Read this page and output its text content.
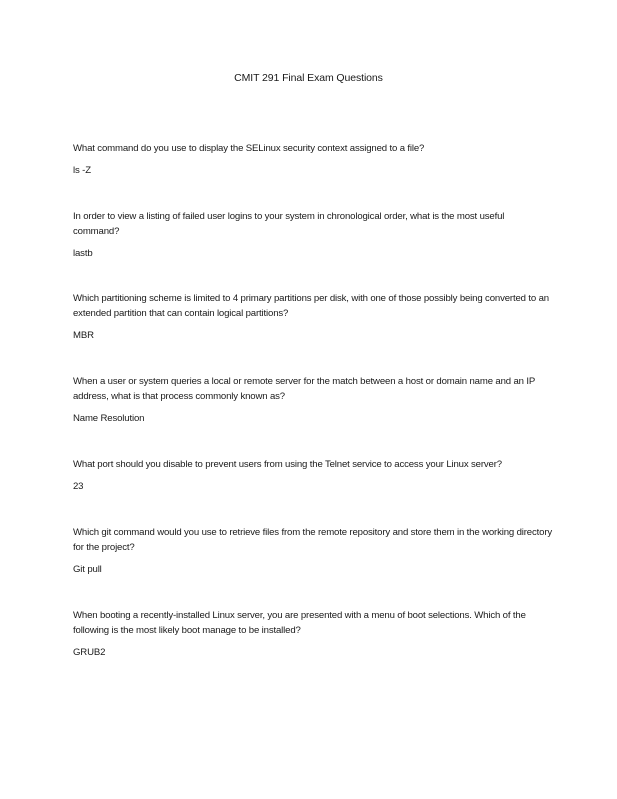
CMIT 291 Final Exam Questions

What command do you use to display the SELinux security context assigned to a file?

ls -Z

In order to view a listing of failed user logins to your system in chronological order, what is the most useful command?

lastb

Which partitioning scheme is limited to 4 primary partitions per disk, with one of those possibly being converted to an extended partition that can contain logical partitions?

MBR

When a user or system queries a local or remote server for the match between a host or domain name and an IP address, what is that process commonly known as?

Name Resolution

What port should you disable to prevent users from using the Telnet service to access your Linux server?

23

Which git command would you use to retrieve files from the remote repository and store them in the working directory for the project?

Git pull

When booting a recently-installed Linux server, you are presented with a menu of boot selections. Which of the following is the most likely boot manage to be installed?

GRUB2
